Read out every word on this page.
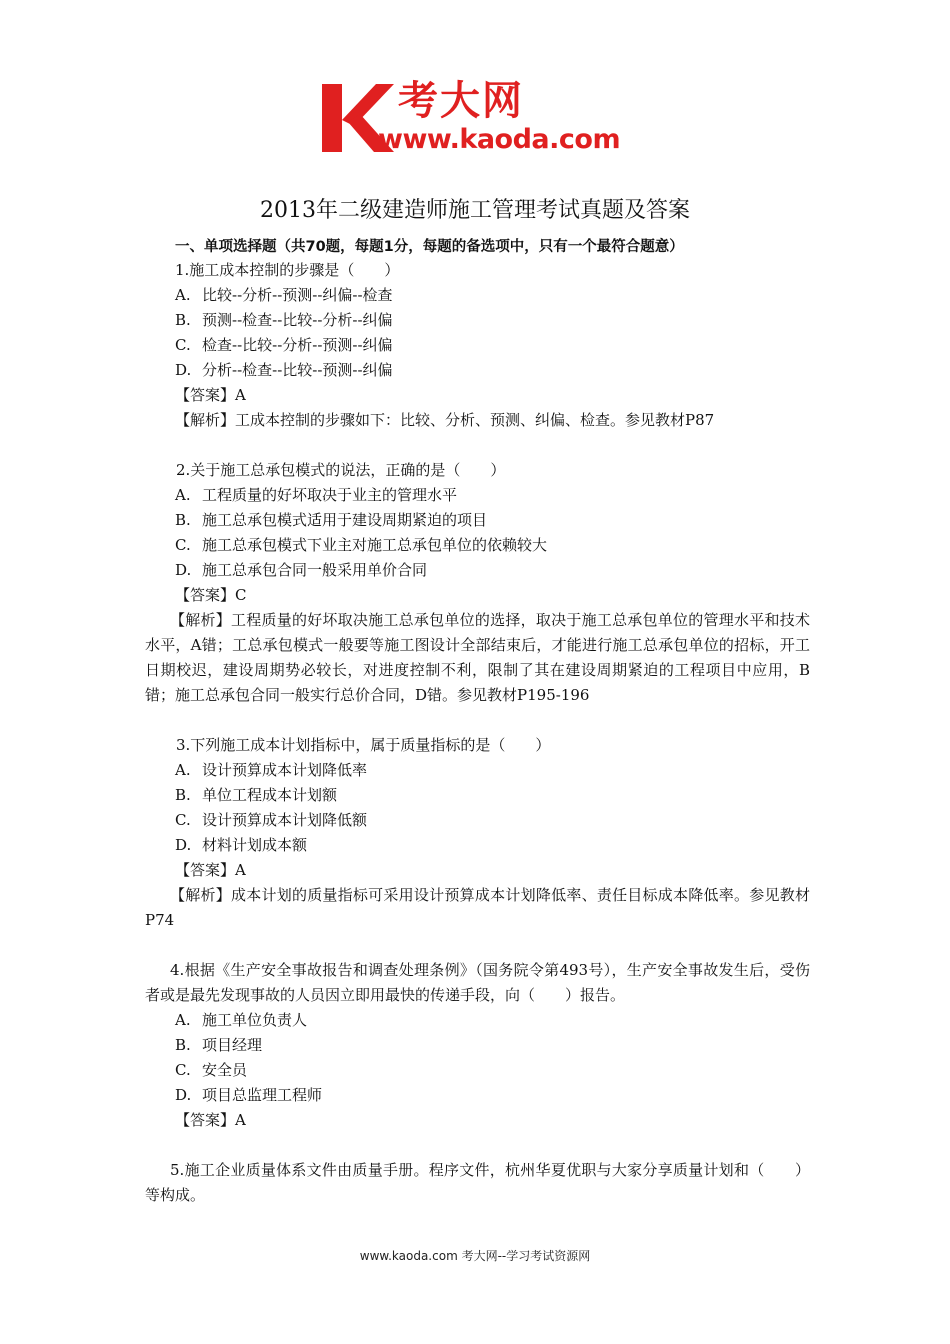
考大网
www.kaoda.com
2013年二级建造师施工管理考试真题及答案
一、单项选择题（共70题，每题1分，每题的备选项中，只有一个最符合题意）
1.施工成本控制的步骤是（　　）
A. 比较--分析--预测--纠偏--检查
B. 预测--检查--比较--分析--纠偏
C. 检查--比较--分析--预测--纠偏
D. 分析--检查--比较--预测--纠偏
【答案】A
【解析】工成本控制的步骤如下：比较、分析、预测、纠偏、检查。参见教材P87
2.关于施工总承包模式的说法，正确的是（　　）
A. 工程质量的好坏取决于业主的管理水平
B. 施工总承包模式适用于建设周期紧迫的项目
C. 施工总承包模式下业主对施工总承包单位的依赖较大
D. 施工总承包合同一般采用单价合同
【答案】C
【解析】工程质量的好坏取决施工总承包单位的选择，取决于施工总承包单位的管理水平和技术水平，A错；工总承包模式一般要等施工图设计全部结束后，才能进行施工总承包单位的招标，开工日期校迟，建设周期势必较长，对进度控制不利，限制了其在建设周期紧迫的工程项目中应用，B错；施工总承包合同一般实行总价合同，D错。参见教材P195-196
3.下列施工成本计划指标中，属于质量指标的是（　　）
A. 设计预算成本计划降低率
B. 单位工程成本计划额
C. 设计预算成本计划降低额
D. 材料计划成本额
【答案】A
【解析】成本计划的质量指标可采用设计预算成本计划降低率、责任目标成本降低率。参见教材P74
4.根据《生产安全事故报告和调查处理条例》（国务院令第493号），生产安全事故发生后，受伤者或是最先发现事故的人员因立即用最快的传递手段，向（　　）报告。
A. 施工单位负责人
B. 项目经理
C. 安全员
D. 项目总监理工程师
【答案】A
5.施工企业质量体系文件由质量手册。程序文件，杭州华夏优职与大家分享质量计划和（　　）等构成。
www.kaoda.com 考大网--学习考试资源网
